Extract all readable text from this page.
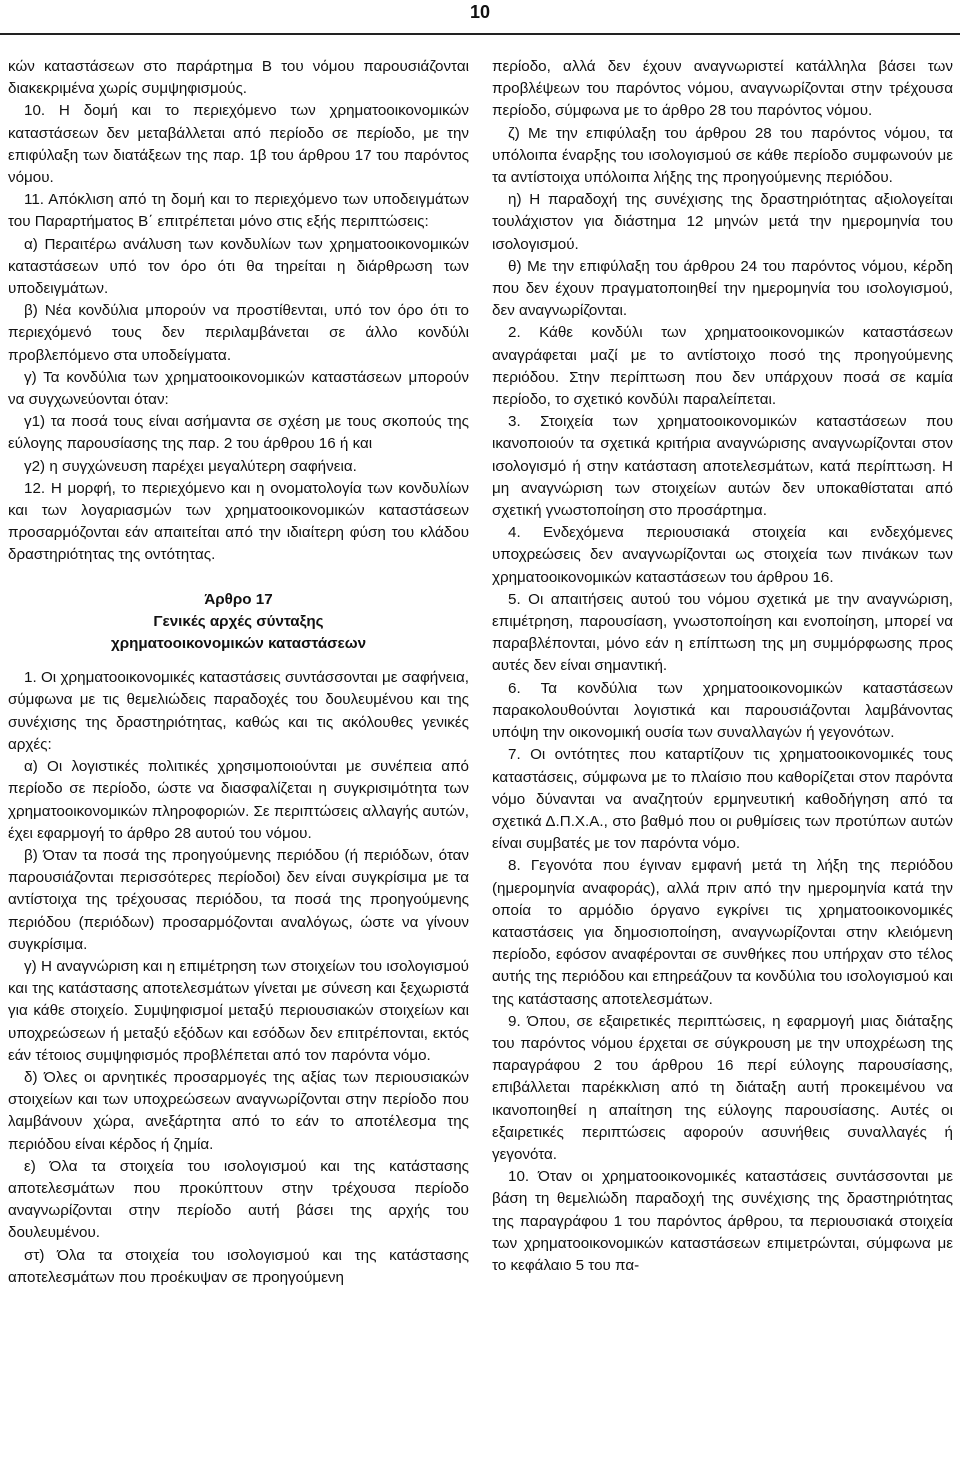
10

κών καταστάσεων στο παράρτημα Β του νόμου παρουσιάζονται διακεκριμένα χωρίς συμψηφισμούς.

10. Η δομή και το περιεχόμενο των χρηματοοικονομικών καταστάσεων δεν μεταβάλλεται από περίοδο σε περίοδο, με την επιφύλαξη των διατάξεων της παρ. 1β του άρθρου 17 του παρόντος νόμου.

11. Απόκλιση από τη δομή και το περιεχόμενο των υποδειγμάτων του Παραρτήματος Β΄ επιτρέπεται μόνο στις εξής περιπτώσεις:

α) Περαιτέρω ανάλυση των κονδυλίων των χρηματοοικονομικών καταστάσεων υπό τον όρο ότι θα τηρείται η διάρθρωση των υποδειγμάτων.

β) Νέα κονδύλια μπορούν να προστίθενται, υπό τον όρο ότι το περιεχόμενό τους δεν περιλαμβάνεται σε άλλο κονδύλι προβλεπόμενο στα υποδείγματα.

γ) Τα κονδύλια των χρηματοοικονομικών καταστάσεων μπορούν να συγχωνεύονται όταν:

γ1) τα ποσά τους είναι ασήμαντα σε σχέση με τους σκοπούς της εύλογης παρουσίασης της παρ. 2 του άρθρου 16 ή και

γ2) η συγχώνευση παρέχει μεγαλύτερη σαφήνεια.

12. Η μορφή, το περιεχόμενο και η ονοματολογία των κονδυλίων και των λογαριασμών των χρηματοοικονομικών καταστάσεων προσαρμόζονται εάν απαιτείται από την ιδιαίτερη φύση του κλάδου δραστηριότητας της οντότητας.

Άρθρο 17
Γενικές αρχές σύνταξης
χρηματοοικονομικών καταστάσεων

1. Οι χρηματοοικονομικές καταστάσεις συντάσσονται με σαφήνεια, σύμφωνα με τις θεμελιώδεις παραδοχές του δουλευμένου και της συνέχισης της δραστηριότητας, καθώς και τις ακόλουθες γενικές αρχές:

α) Οι λογιστικές πολιτικές χρησιμοποιούνται με συνέπεια από περίοδο σε περίοδο, ώστε να διασφαλίζεται η συγκρισιμότητα των χρηματοοικονομικών πληροφοριών. Σε περιπτώσεις αλλαγής αυτών, έχει εφαρμογή το άρθρο 28 αυτού του νόμου.

β) Όταν τα ποσά της προηγούμενης περιόδου (ή περιόδων, όταν παρουσιάζονται περισσότερες περίοδοι) δεν είναι συγκρίσιμα με τα αντίστοιχα της τρέχουσας περιόδου, τα ποσά της προηγούμενης περιόδου (περιόδων) προσαρμόζονται αναλόγως, ώστε να γίνουν συγκρίσιμα.

γ) Η αναγνώριση και η επιμέτρηση των στοιχείων του ισολογισμού και της κατάστασης αποτελεσμάτων γίνεται με σύνεση και ξεχωριστά για κάθε στοιχείο. Συμψηφισμοί μεταξύ περιουσιακών στοιχείων και υποχρεώσεων ή μεταξύ εξόδων και εσόδων δεν επιτρέπονται, εκτός εάν τέτοιος συμψηφισμός προβλέπεται από τον παρόντα νόμο.

δ) Όλες οι αρνητικές προσαρμογές της αξίας των περιουσιακών στοιχείων και των υποχρεώσεων αναγνωρίζονται στην περίοδο που λαμβάνουν χώρα, ανεξάρτητα από το εάν το αποτέλεσμα της περιόδου είναι κέρδος ή ζημία.

ε) Όλα τα στοιχεία του ισολογισμού και της κατάστασης αποτελεσμάτων που προκύπτουν στην τρέχουσα περίοδο αναγνωρίζονται στην περίοδο αυτή βάσει της αρχής του δουλευμένου.

στ) Όλα τα στοιχεία του ισολογισμού και της κατάστασης αποτελεσμάτων που προέκυψαν σε προηγούμενη

περίοδο, αλλά δεν έχουν αναγνωριστεί κατάλληλα βάσει των προβλέψεων του παρόντος νόμου, αναγνωρίζονται στην τρέχουσα περίοδο, σύμφωνα με το άρθρο 28 του παρόντος νόμου.

ζ) Με την επιφύλαξη του άρθρου 28 του παρόντος νόμου, τα υπόλοιπα έναρξης του ισολογισμού σε κάθε περίοδο συμφωνούν με τα αντίστοιχα υπόλοιπα λήξης της προηγούμενης περιόδου.

η) Η παραδοχή της συνέχισης της δραστηριότητας αξιολογείται τουλάχιστον για διάστημα 12 μηνών μετά την ημερομηνία του ισολογισμού.

θ) Με την επιφύλαξη του άρθρου 24 του παρόντος νόμου, κέρδη που δεν έχουν πραγματοποιηθεί την ημερομηνία του ισολογισμού, δεν αναγνωρίζονται.

2. Κάθε κονδύλι των χρηματοοικονομικών καταστάσεων αναγράφεται μαζί με το αντίστοιχο ποσό της προηγούμενης περιόδου. Στην περίπτωση που δεν υπάρχουν ποσά σε καμία περίοδο, το σχετικό κονδύλι παραλείπεται.

3. Στοιχεία των χρηματοοικονομικών καταστάσεων που ικανοποιούν τα σχετικά κριτήρια αναγνώρισης αναγνωρίζονται στον ισολογισμό ή στην κατάσταση αποτελεσμάτων, κατά περίπτωση. Η μη αναγνώριση των στοιχείων αυτών δεν υποκαθίσταται από σχετική γνωστοποίηση στο προσάρτημα.

4. Ενδεχόμενα περιουσιακά στοιχεία και ενδεχόμενες υποχρεώσεις δεν αναγνωρίζονται ως στοιχεία των πινάκων των χρηματοοικονομικών καταστάσεων του άρθρου 16.

5. Οι απαιτήσεις αυτού του νόμου σχετικά με την αναγνώριση, επιμέτρηση, παρουσίαση, γνωστοποίηση και ενοποίηση, μπορεί να παραβλέπονται, μόνο εάν η επίπτωση της μη συμμόρφωσης προς αυτές δεν είναι σημαντική.

6. Τα κονδύλια των χρηματοοικονομικών καταστάσεων παρακολουθούνται λογιστικά και παρουσιάζονται λαμβάνοντας υπόψη την οικονομική ουσία των συναλλαγών ή γεγονότων.

7. Οι οντότητες που καταρτίζουν τις χρηματοοικονομικές τους καταστάσεις, σύμφωνα με το πλαίσιο που καθορίζεται στον παρόντα νόμο δύνανται να αναζητούν ερμηνευτική καθοδήγηση από τα σχετικά Δ.Π.Χ.Α., στο βαθμό που οι ρυθμίσεις των προτύπων αυτών είναι συμβατές με τον παρόντα νόμο.

8. Γεγονότα που έγιναν εμφανή μετά τη λήξη της περιόδου (ημερομηνία αναφοράς), αλλά πριν από την ημερομηνία κατά την οποία το αρμόδιο όργανο εγκρίνει τις χρηματοοικονομικές καταστάσεις για δημοσιοποίηση, αναγνωρίζονται στην κλειόμενη περίοδο, εφόσον αναφέρονται σε συνθήκες που υπήρχαν στο τέλος αυτής της περιόδου και επηρεάζουν τα κονδύλια του ισολογισμού και της κατάστασης αποτελεσμάτων.

9. Όπου, σε εξαιρετικές περιπτώσεις, η εφαρμογή μιας διάταξης του παρόντος νόμου έρχεται σε σύγκρουση με την υποχρέωση της παραγράφου 2 του άρθρου 16 περί εύλογης παρουσίασης, επιβάλλεται παρέκκλιση από τη διάταξη αυτή προκειμένου να ικανοποιηθεί η απαίτηση της εύλογης παρουσίασης. Αυτές οι εξαιρετικές περιπτώσεις αφορούν ασυνήθεις συναλλαγές ή γεγονότα.

10. Όταν οι χρηματοοικονομικές καταστάσεις συντάσσονται με βάση τη θεμελιώδη παραδοχή της συνέχισης της δραστηριότητας της παραγράφου 1 του παρόντος άρθρου, τα περιουσιακά στοιχεία των χρηματοοικονομικών καταστάσεων επιμετρώνται, σύμφωνα με το κεφάλαιο 5 του πα-
